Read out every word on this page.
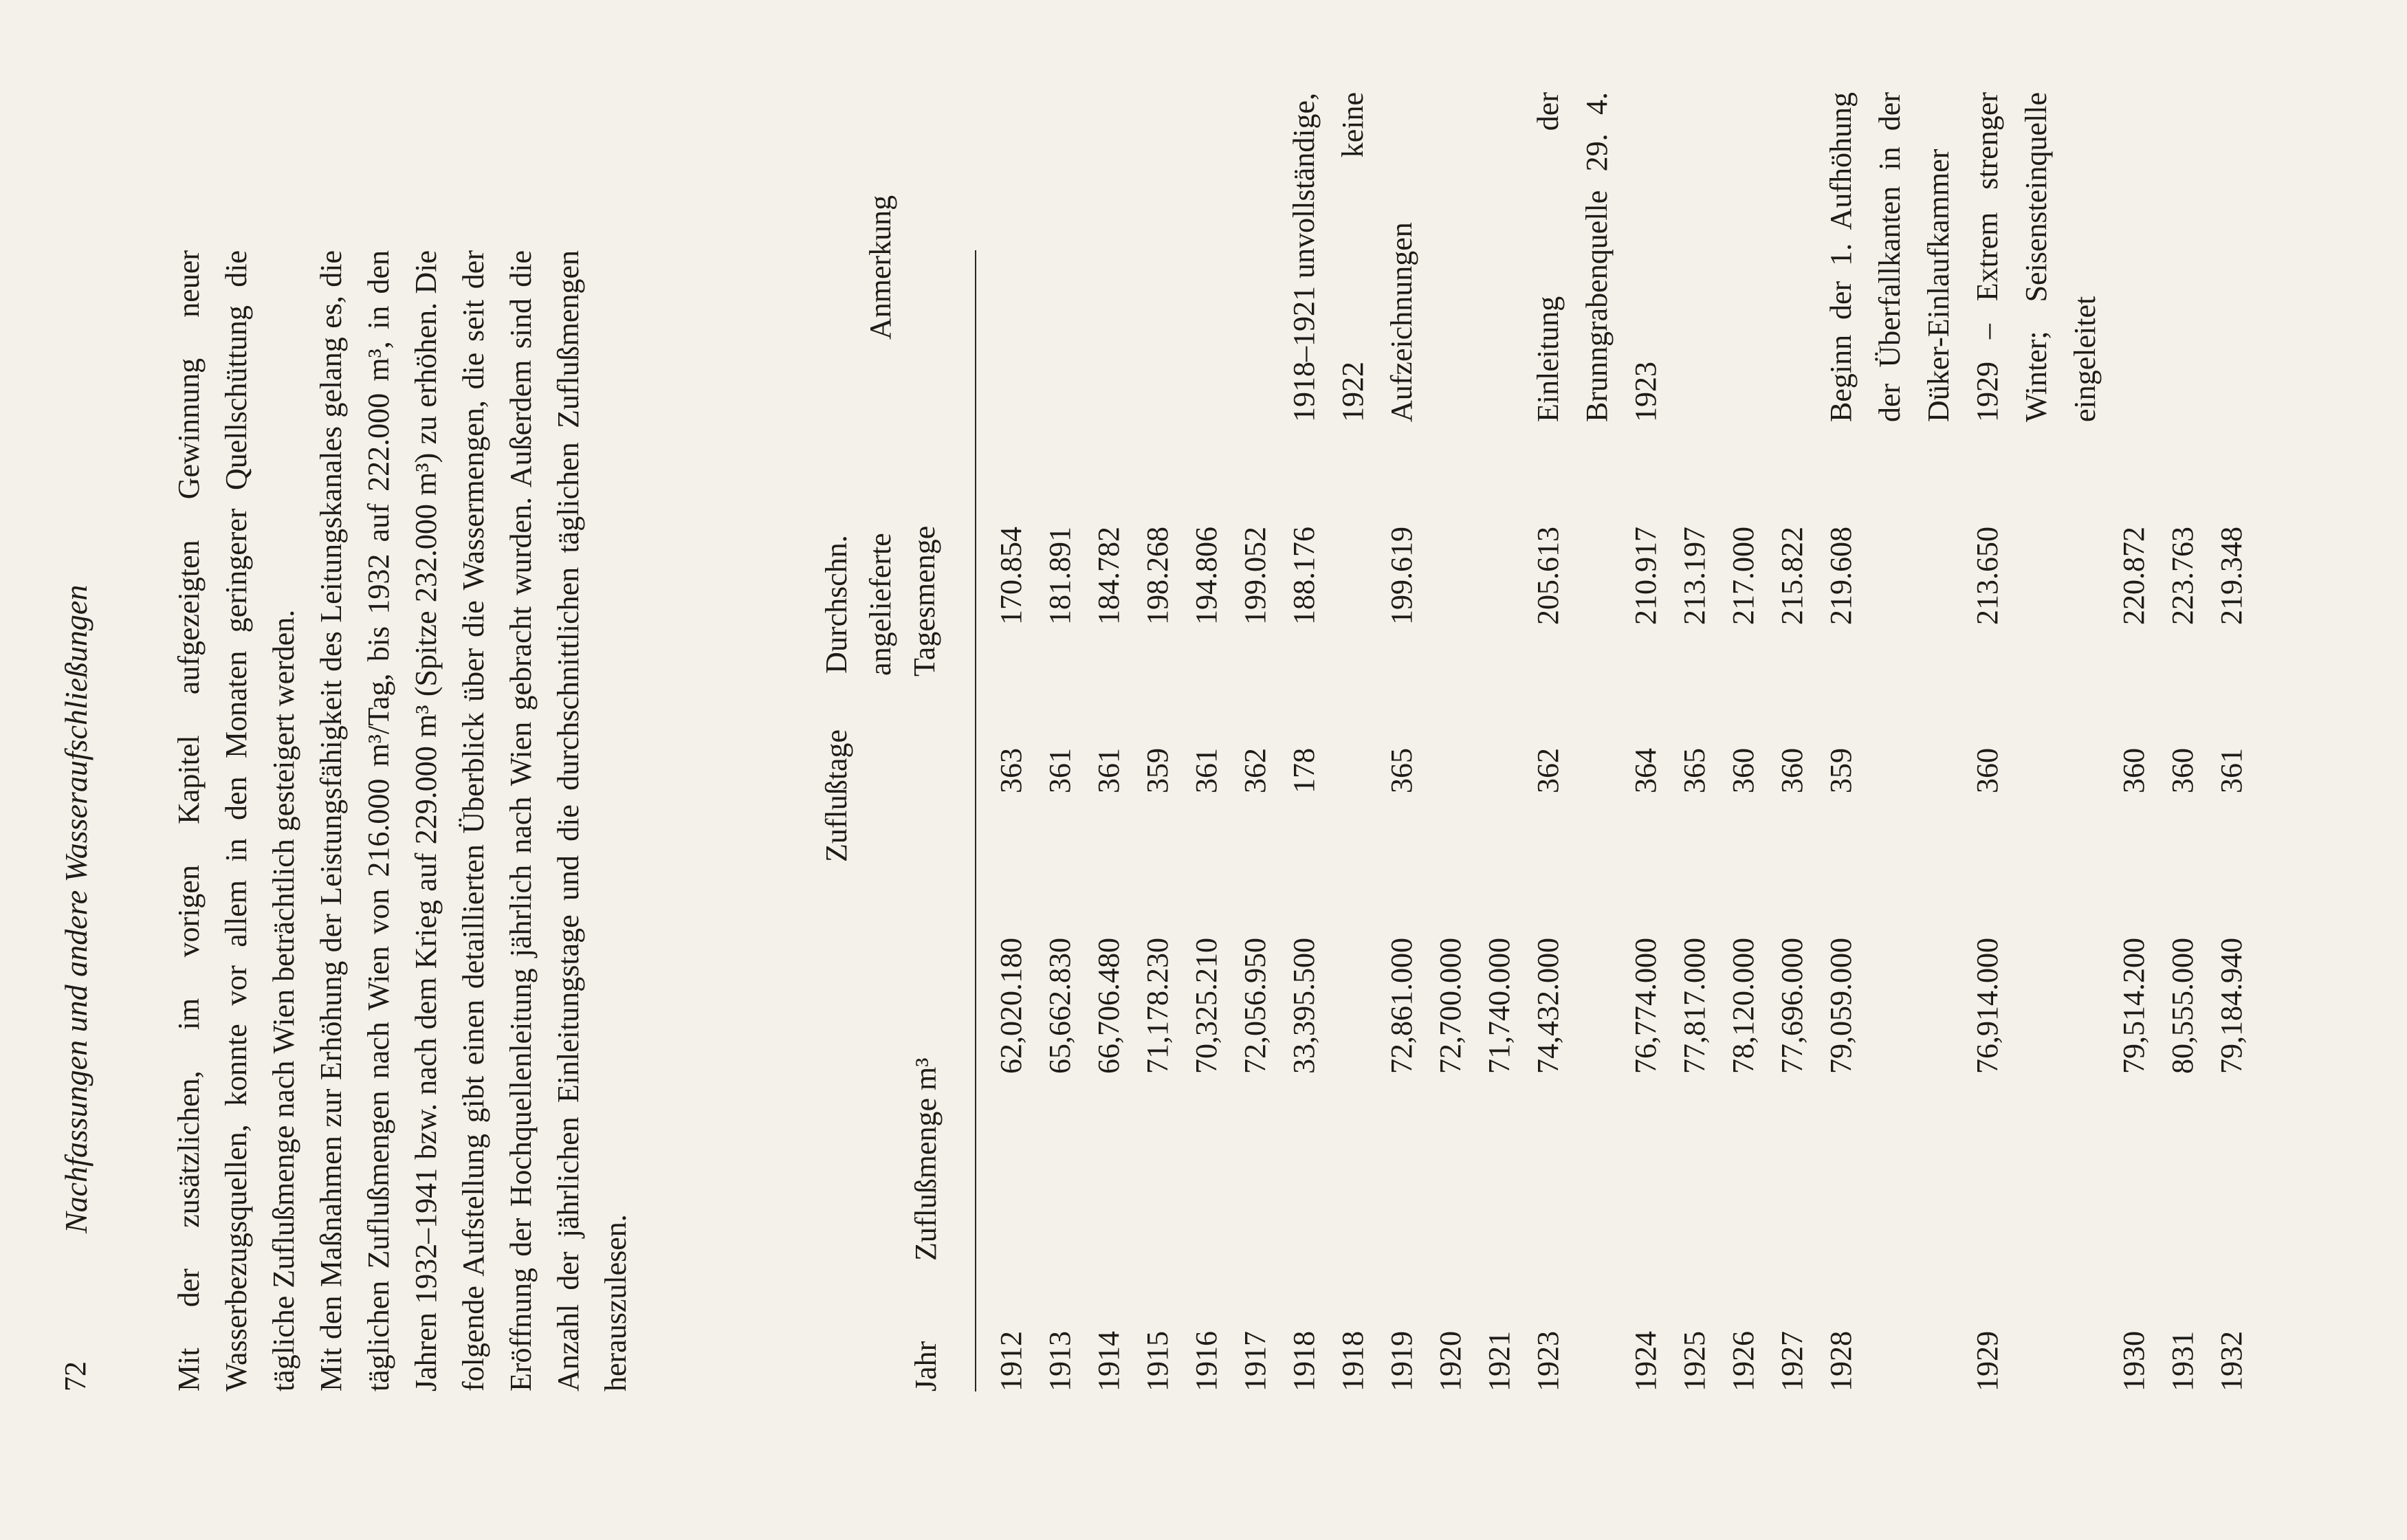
72
Nachfassungen und andere Wasseraufschließungen	Mit der zusätzlichen, im vorigen Kapitel aufgezeigten Gewinnung neuer Wasserbezugsquellen, konnte vor allem in den Monaten geringerer Quellschüttung die tägliche Zuflußmenge nach Wien beträchtlich gesteigert werden. Mit den Maßnahmen zur Erhöhung der Leistungsfähigkeit des Leitungskanales gelang es, die täglichen Zuflußmengen nach Wien von 216.000 m³/Tag, bis 1932 auf 222.000 m³, in den Jahren 1932–1941 bzw. nach dem Krieg auf 229.000 m³ (Spitze 232.000 m³) zu erhöhen. Die folgende Aufstellung gibt einen detaillierten Überblick über die Wassermengen, die seit der Eröffnung der Hochquellenleitung jährlich nach Wien gebracht wurden. Außerdem sind die Anzahl der jährlichen Einleitungstage und die durchschnittlichen täglichen Zuflußmengen herauszulesen.	Jahr
Zuflußmenge m³
Zuflußtage
Durchschn. angelieferte Tagesmenge
Anmerkung
1912
62,020.180
363
170.854
1913
65,662.830
361
181.891
1914
66,706.480
361
184.782
1915
71,178.230
359
198.268
1916
70,325.210
361
194.806
1917
72,056.950
362
199.052
1918
33,395.500
178
188.176
1918–1921 unvollständige,
1918
1922 keine Aufzeichnungen
1919
72,861.000
365
199.619
1920
72,700.000
1921
71,740.000
1923
74,432.000
362
205.613
Einleitung der Brunngrabenquelle 29. 4. 1923
1924
76,774.000
364
210.917
1925
77,817.000
365
213.197
1926
78,120.000
360
217.000
1927
77,696.000
360
215.822
1928
79,059.000
359
219.608
Beginn der 1. Aufhöhung der Überfallkanten in der Düker-Einlaufkammer
1929
76,914.000
360
213.650
1929 – Extrem strenger Winter; Seisensteinquelle eingeleitet
1930
79,514.200
360
220.872
1931
80,555.000
360
223.763
1932
79,184.940
361
219.348
